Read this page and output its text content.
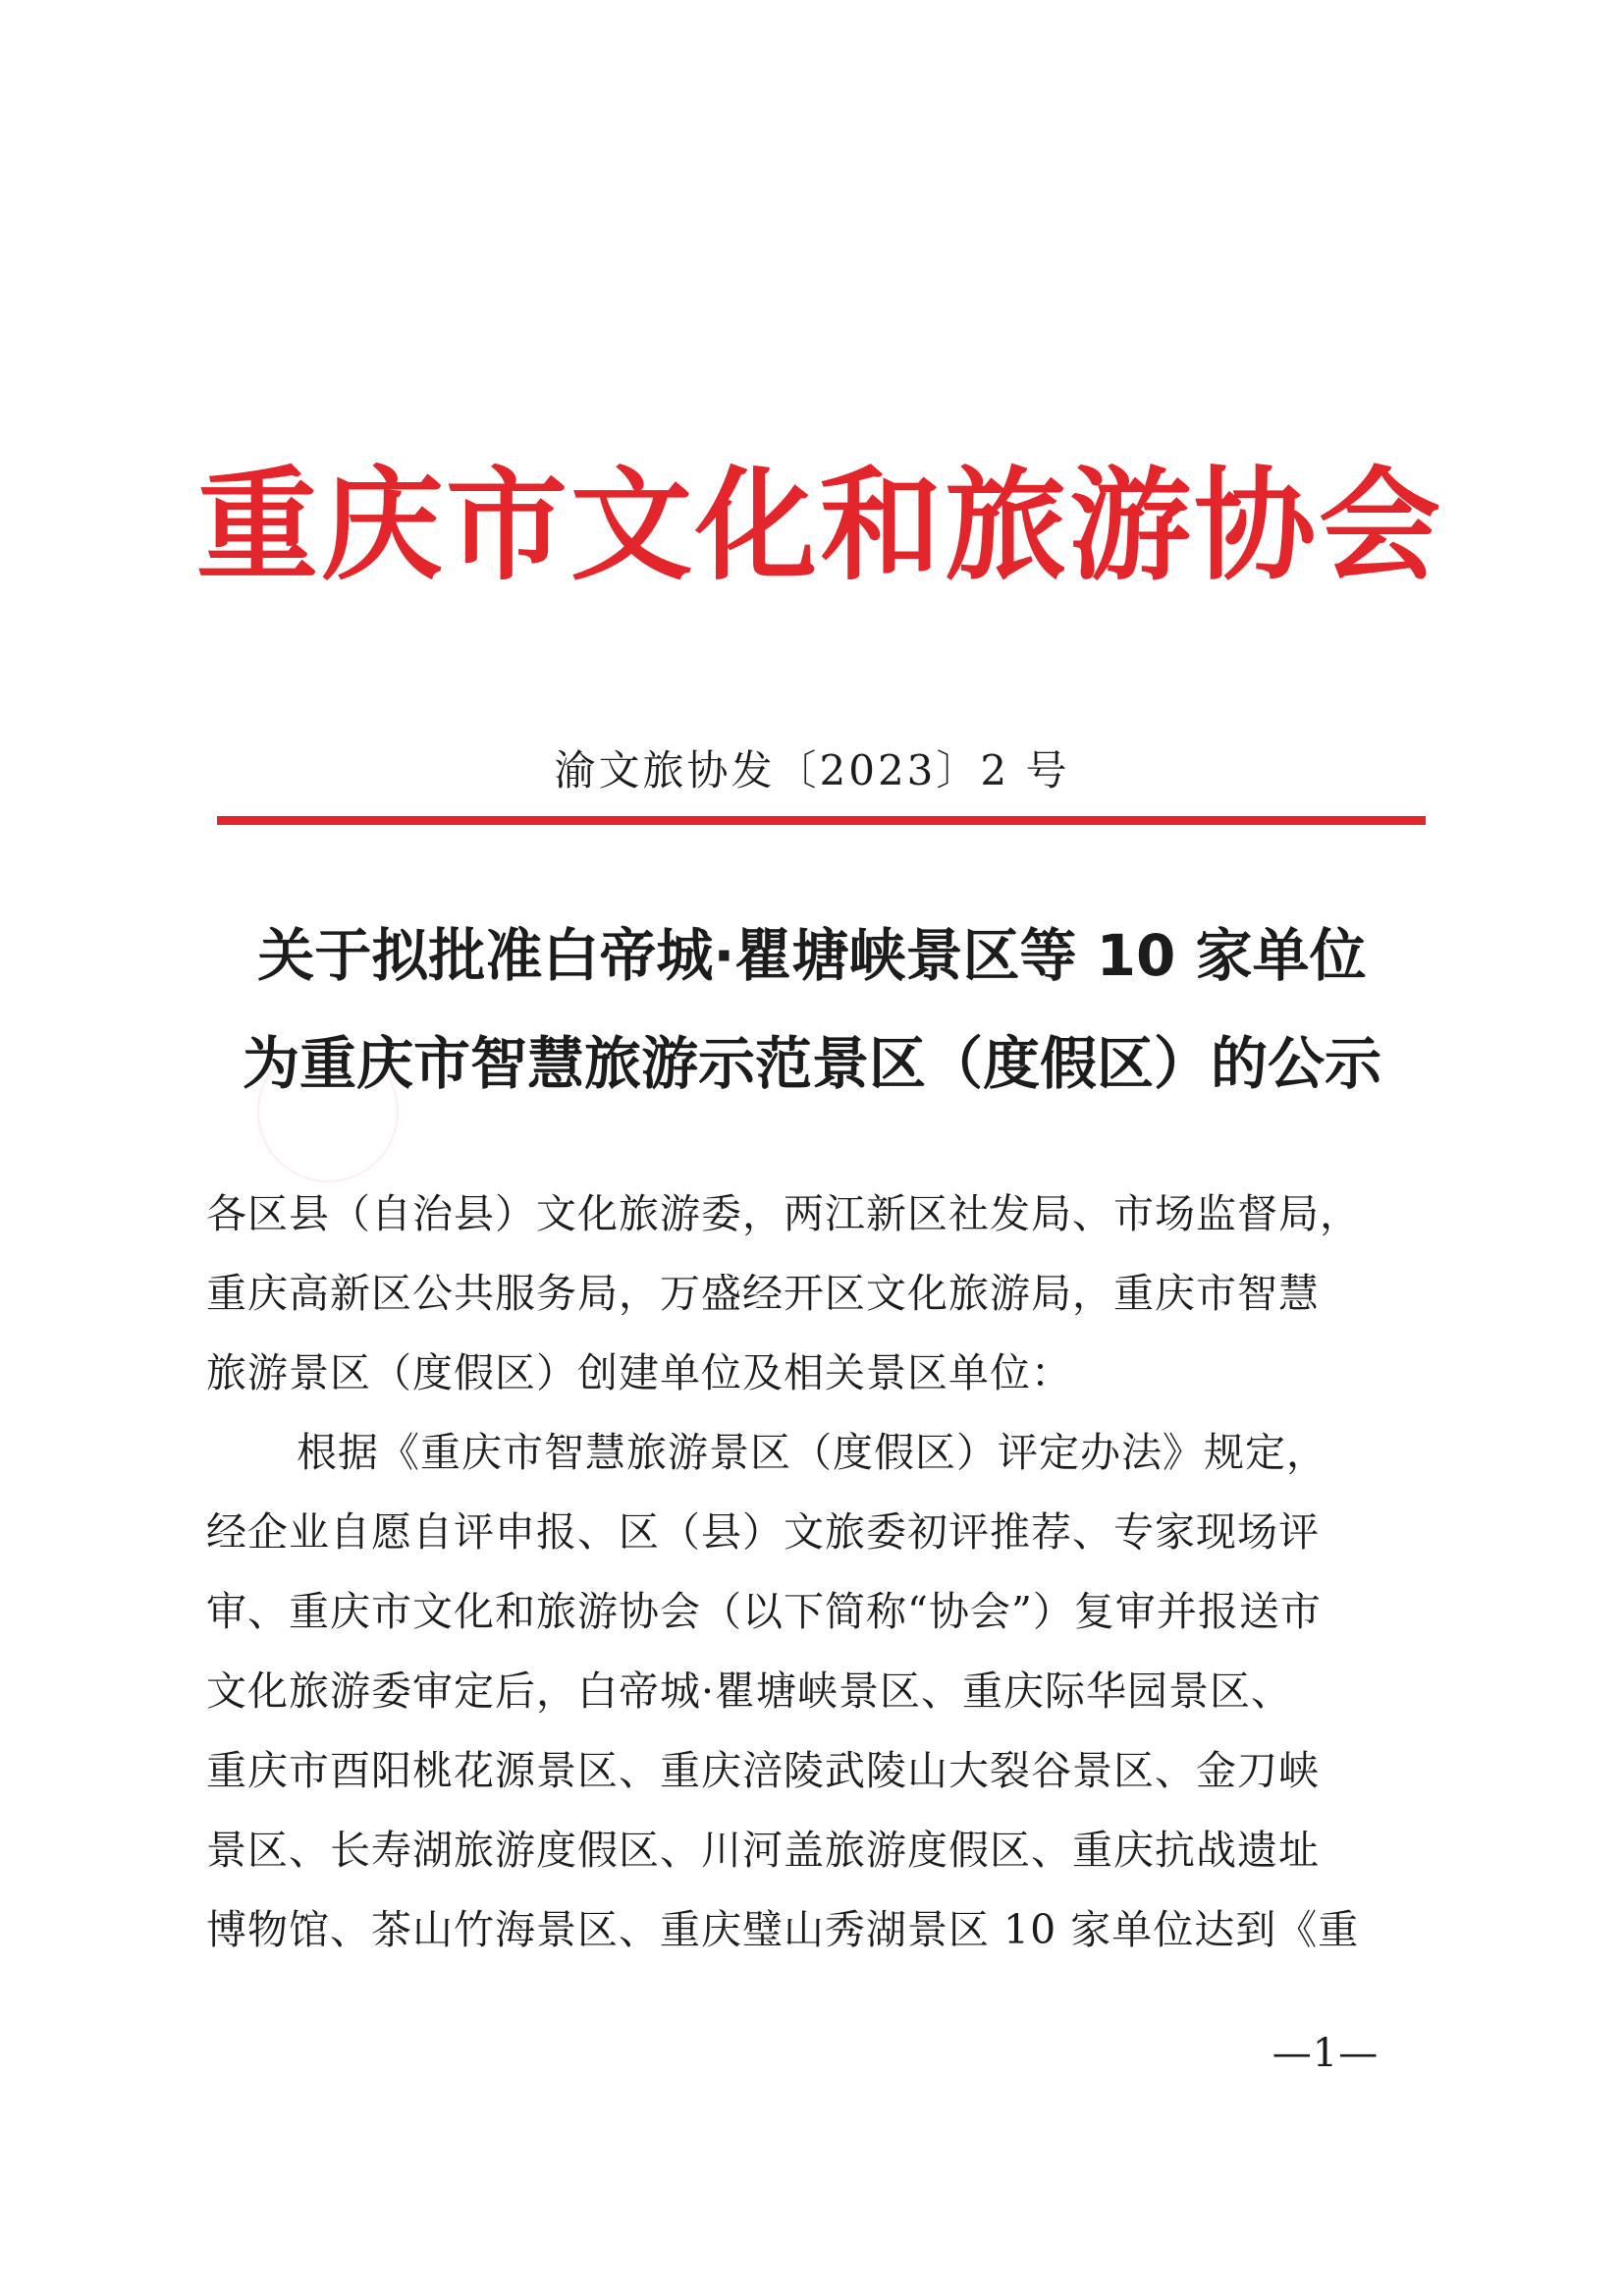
重庆市文化和旅游协会
渝文旅协发〔2023〕2 号
关于拟批准白帝城·瞿塘峡景区等 10 家单位
为重庆市智慧旅游示范景区（度假区）的公示
各区县（自治县）文化旅游委，两江新区社发局、市场监督局，
重庆高新区公共服务局，万盛经开区文化旅游局，重庆市智慧
旅游景区（度假区）创建单位及相关景区单位：
根据《重庆市智慧旅游景区（度假区）评定办法》规定，
经企业自愿自评申报、区（县）文旅委初评推荐、专家现场评
审、重庆市文化和旅游协会（以下简称“协会”）复审并报送市
文化旅游委审定后，白帝城·瞿塘峡景区、重庆际华园景区、
重庆市酉阳桃花源景区、重庆涪陵武陵山大裂谷景区、金刀峡
景区、长寿湖旅游度假区、川河盖旅游度假区、重庆抗战遗址
博物馆、茶山竹海景区、重庆璧山秀湖景区 10 家单位达到《重
—1—
